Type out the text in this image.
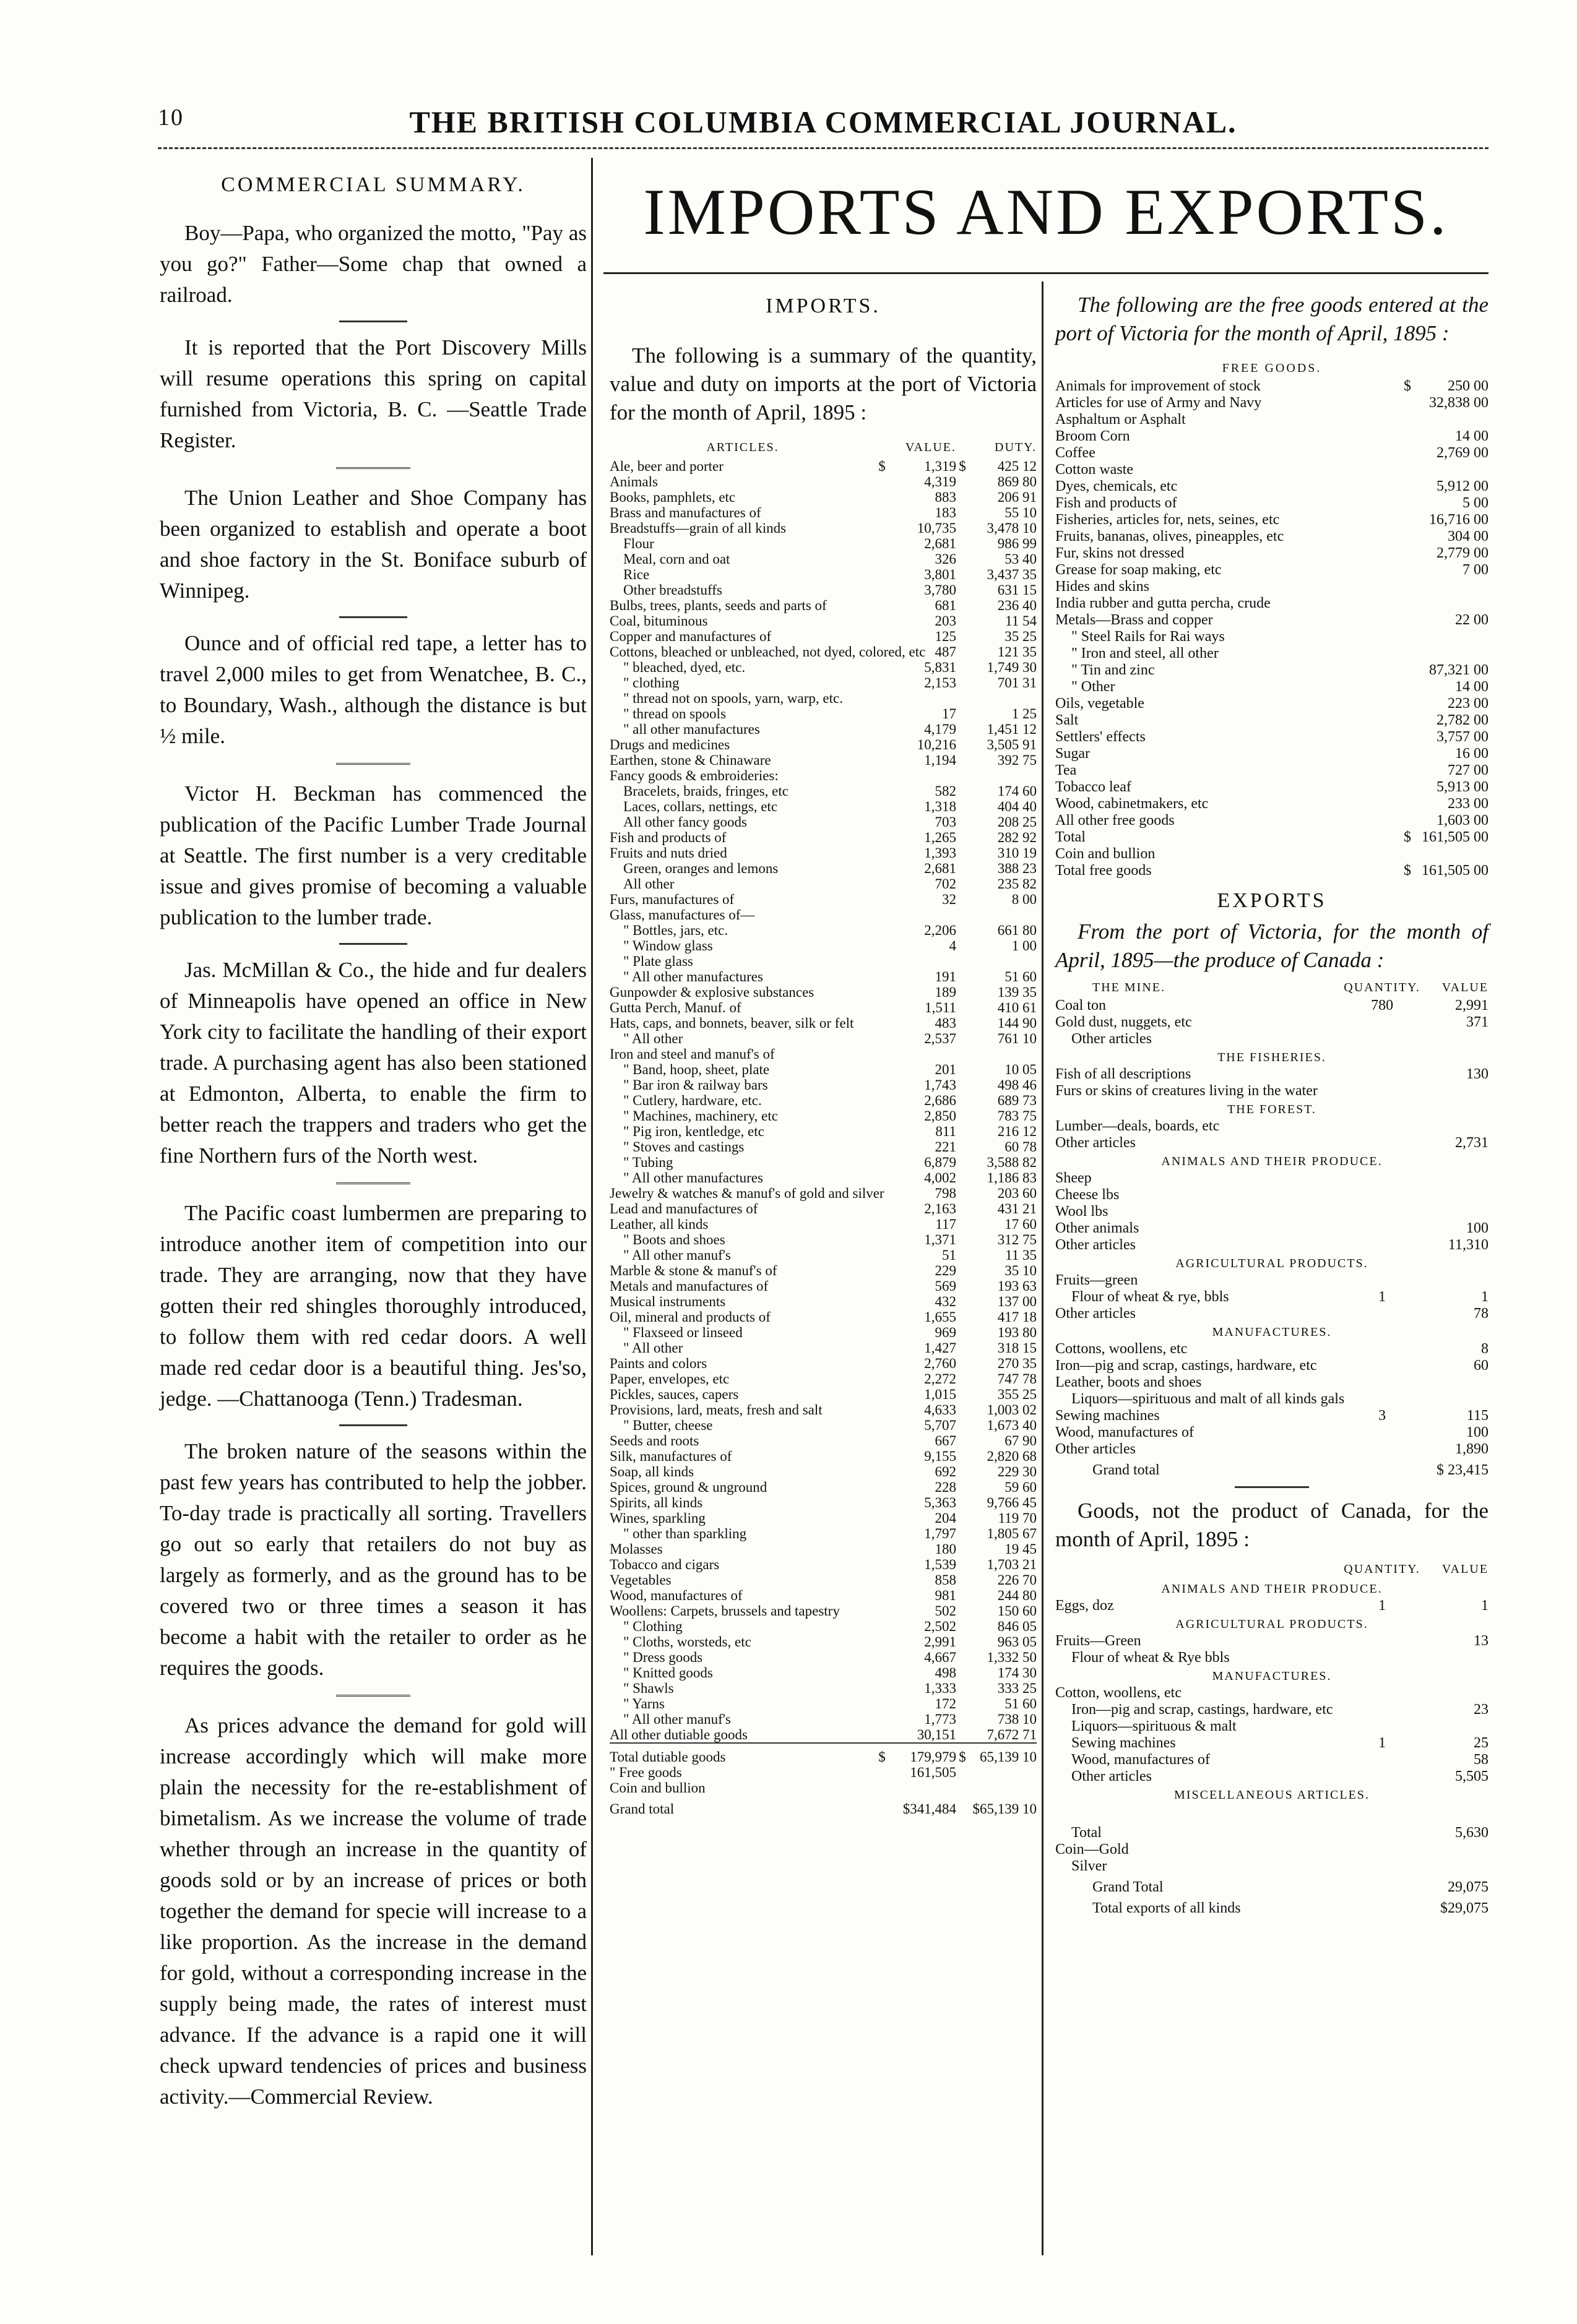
10	THE BRITISH COLUMBIA COMMERCIAL JOURNAL.
COMMERCIAL SUMMARY.

Boy—Papa, who organized the motto, "Pay as you go?" Father—Some chap that owned a railroad.

It is reported that the Port Discovery Mills will resume operations this spring on capital furnished from Victoria, B. C. —Seattle Trade Register.

The Union Leather and Shoe Company has been organized to establish and operate a boot and shoe factory in the St. Boniface suburb of Winnipeg.

Ounce and of official red tape, a letter has to travel 2,000 miles to get from Wenatchee, B. C., to Boundary, Wash., although the distance is but ½ mile.

Victor H. Beckman has commenced the publication of the Pacific Lumber Trade Journal at Seattle. The first number is a very creditable issue and gives promise of becoming a valuable publication to the lumber trade.

Jas. McMillan & Co., the hide and fur dealers of Minneapolis have opened an office in New York city to facilitate the handling of their export trade. A purchasing agent has also been stationed at Edmonton, Alberta, to enable the firm to better reach the trappers and traders who get the fine Northern furs of the North west.

The Pacific coast lumbermen are preparing to introduce another item of competition into our trade. They are arranging, now that they have gotten their red shingles thoroughly introduced, to follow them with red cedar doors. A well made red cedar door is a beautiful thing. Jes'so, jedge. —Chattanooga (Tenn.) Tradesman.

The broken nature of the seasons within the past few years has contributed to help the jobber. To-day trade is practically all sorting. Travellers go out so early that retailers do not buy as largely as formerly, and as the ground has to be covered two or three times a season it has become a habit with the retailer to order as he requires the goods.

As prices advance the demand for gold will increase accordingly which will make more plain the necessity for the re-establishment of bimetalism. As we increase the volume of trade whether through an increase in the quantity of goods sold or by an increase of prices or both together the demand for specie will increase to a like proportion. As the increase in the demand for gold, without a corresponding increase in the supply being made, the rates of interest must advance. If the advance is a rapid one it will check upward tendencies of prices and business activity.—Commercial Review.

IMPORTS AND EXPORTS.
IMPORTS.

The following is a summary of the quantity, value and duty on imports at the port of Victoria for the month of April, 1895 :

ARTICLES.		VALUE.		DUTY.
Ale, beer and porter	$	1,319	$	425 12
Animals		4,319		869 80
Books, pamphlets, etc		883		206 91
Brass and manufactures of		183		55 10
Breadstuffs—grain of all kinds		10,735		3,478 10
Flour		2,681		986 99
Meal, corn and oat		326		53 40
Rice		3,801		3,437 35
Other breadstuffs		3,780		631 15
Bulbs, trees, plants, seeds and parts of		681		236 40
Coal, bituminous		203		11 54
Copper and manufactures of		125		35 25
Cottons, bleached or unbleached, not dyed, colored, etc		487		121 35
" bleached, dyed, etc.		5,831		1,749 30
" clothing		2,153		701 31
" thread not on spools, yarn, warp, etc.				
" thread on spools		17		1 25
" all other manufactures		4,179		1,451 12
Drugs and medicines		10,216		3,505 91
Earthen, stone & Chinaware		1,194		392 75
Fancy goods & embroideries:				
Bracelets, braids, fringes, etc		582		174 60
Laces, collars, nettings, etc		1,318		404 40
All other fancy goods		703		208 25
Fish and products of		1,265		282 92
Fruits and nuts dried		1,393		310 19
Green, oranges and lemons		2,681		388 23
All other		702		235 82
Furs, manufactures of		32		8 00
Glass, manufactures of—				
" Bottles, jars, etc.		2,206		661 80
" Window glass		4		1 00
" Plate glass				
" All other manufactures		191		51 60
Gunpowder & explosive substances		189		139 35
Gutta Perch, Manuf. of		1,511		410 61
Hats, caps, and bonnets, beaver, silk or felt		483		144 90
" All other		2,537		761 10
Iron and steel and manuf's of				
" Band, hoop, sheet, plate		201		10 05
" Bar iron & railway bars		1,743		498 46
" Cutlery, hardware, etc.		2,686		689 73
" Machines, machinery, etc		2,850		783 75
" Pig iron, kentledge, etc		811		216 12
" Stoves and castings		221		60 78
" Tubing		6,879		3,588 82
" All other manufactures		4,002		1,186 83
Jewelry & watches & manuf's of gold and silver		798		203 60
Lead and manufactures of		2,163		431 21
Leather, all kinds		117		17 60
" Boots and shoes		1,371		312 75
" All other manuf's		51		11 35
Marble & stone & manuf's of		229		35 10
Metals and manufactures of		569		193 63
Musical instruments		432		137 00
Oil, mineral and products of		1,655		417 18
" Flaxseed or linseed		969		193 80
" All other		1,427		318 15
Paints and colors		2,760		270 35
Paper, envelopes, etc		2,272		747 78
Pickles, sauces, capers		1,015		355 25
Provisions, lard, meats, fresh and salt		4,633		1,003 02
" Butter, cheese		5,707		1,673 40
Seeds and roots		667		67 90
Silk, manufactures of		9,155		2,820 68
Soap, all kinds		692		229 30
Spices, ground & unground		228		59 60
Spirits, all kinds		5,363		9,766 45
Wines, sparkling		204		119 70
" other than sparkling		1,797		1,805 67
Molasses		180		19 45
Tobacco and cigars		1,539		1,703 21
Vegetables		858		226 70
Wood, manufactures of		981		244 80
Woollens: Carpets, brussels and tapestry		502		150 60
" Clothing		2,502		846 05
" Cloths, worsteds, etc		2,991		963 05
" Dress goods		4,667		1,332 50
" Knitted goods		498		174 30
" Shawls		1,333		333 25
" Yarns		172		51 60
" All other manuf's		1,773		738 10
All other dutiable goods		30,151		7,672 71
Total dutiable goods	$	179,979	$	65,139 10
" Free goods		161,505		
Coin and bullion				
Grand total		$341,484		$65,139 10

The following are the free goods entered at the port of Victoria for the month of April, 1895 :

FREE GOODS.
Animals for improvement of stock	$	250 00
Articles for use of Army and Navy		32,838 00
Asphaltum or Asphalt		
Broom Corn		14 00
Coffee		2,769 00
Cotton waste		
Dyes, chemicals, etc		5,912 00
Fish and products of		5 00
Fisheries, articles for, nets, seines, etc		16,716 00
Fruits, bananas, olives, pineapples, etc		304 00
Fur, skins not dressed		2,779 00
Grease for soap making, etc		7 00
Hides and skins		
India rubber and gutta percha, crude		
Metals—Brass and copper		22 00
" Steel Rails for Rai ways		
" Iron and steel, all other		
" Tin and zinc		87,321 00
" Other		14 00
Oils, vegetable		223 00
Salt		2,782 00
Settlers' effects		3,757 00
Sugar		16 00
Tea		727 00
Tobacco leaf		5,913 00
Wood, cabinetmakers, etc		233 00
All other free goods		1,603 00
Total	$	161,505 00
Coin and bullion		
Total free goods	$	161,505 00
EXPORTS

From the port of Victoria, for the month of April, 1895—the produce of Canada :

THE MINE.	QUANTITY.	VALUE
Coal ton	780	2,991
Gold dust, nuggets, etc		371
Other articles		
THE FISHERIES.		
Fish of all descriptions		130
Furs or skins of creatures living in the water		
THE FOREST.		
Lumber—deals, boards, etc		
Other articles		2,731
ANIMALS AND THEIR PRODUCE.		
Sheep		
Cheese lbs		
Wool lbs		
Other animals		100
Other articles		11,310
AGRICULTURAL PRODUCTS.		
Fruits—green		
Flour of wheat & rye, bbls	1	1
Other articles		78
MANUFACTURES.		
Cottons, woollens, etc		8
Iron—pig and scrap, castings, hardware, etc		60
Leather, boots and shoes		
Liquors—spirituous and malt of all kinds gals		
Sewing machines	3	115
Wood, manufactures of		100
Other articles		1,890
Grand total		$ 23,415

Goods, not the product of Canada, for the month of April, 1895 :

	QUANTITY.	VALUE
ANIMALS AND THEIR PRODUCE.		
Eggs, doz	1	1
AGRICULTURAL PRODUCTS.		
Fruits—Green		13
Flour of wheat & Rye bbls		
MANUFACTURES.		
Cotton, woollens, etc		
Iron—pig and scrap, castings, hardware, etc		23
Liquors—spirituous & malt		
Sewing machines	1	25
Wood, manufactures of		58
Other articles		5,505
MISCELLANEOUS ARTICLES.		

Total		5,630
Coin—Gold		
Silver		
Grand Total		29,075
Total exports of all kinds		$29,075
